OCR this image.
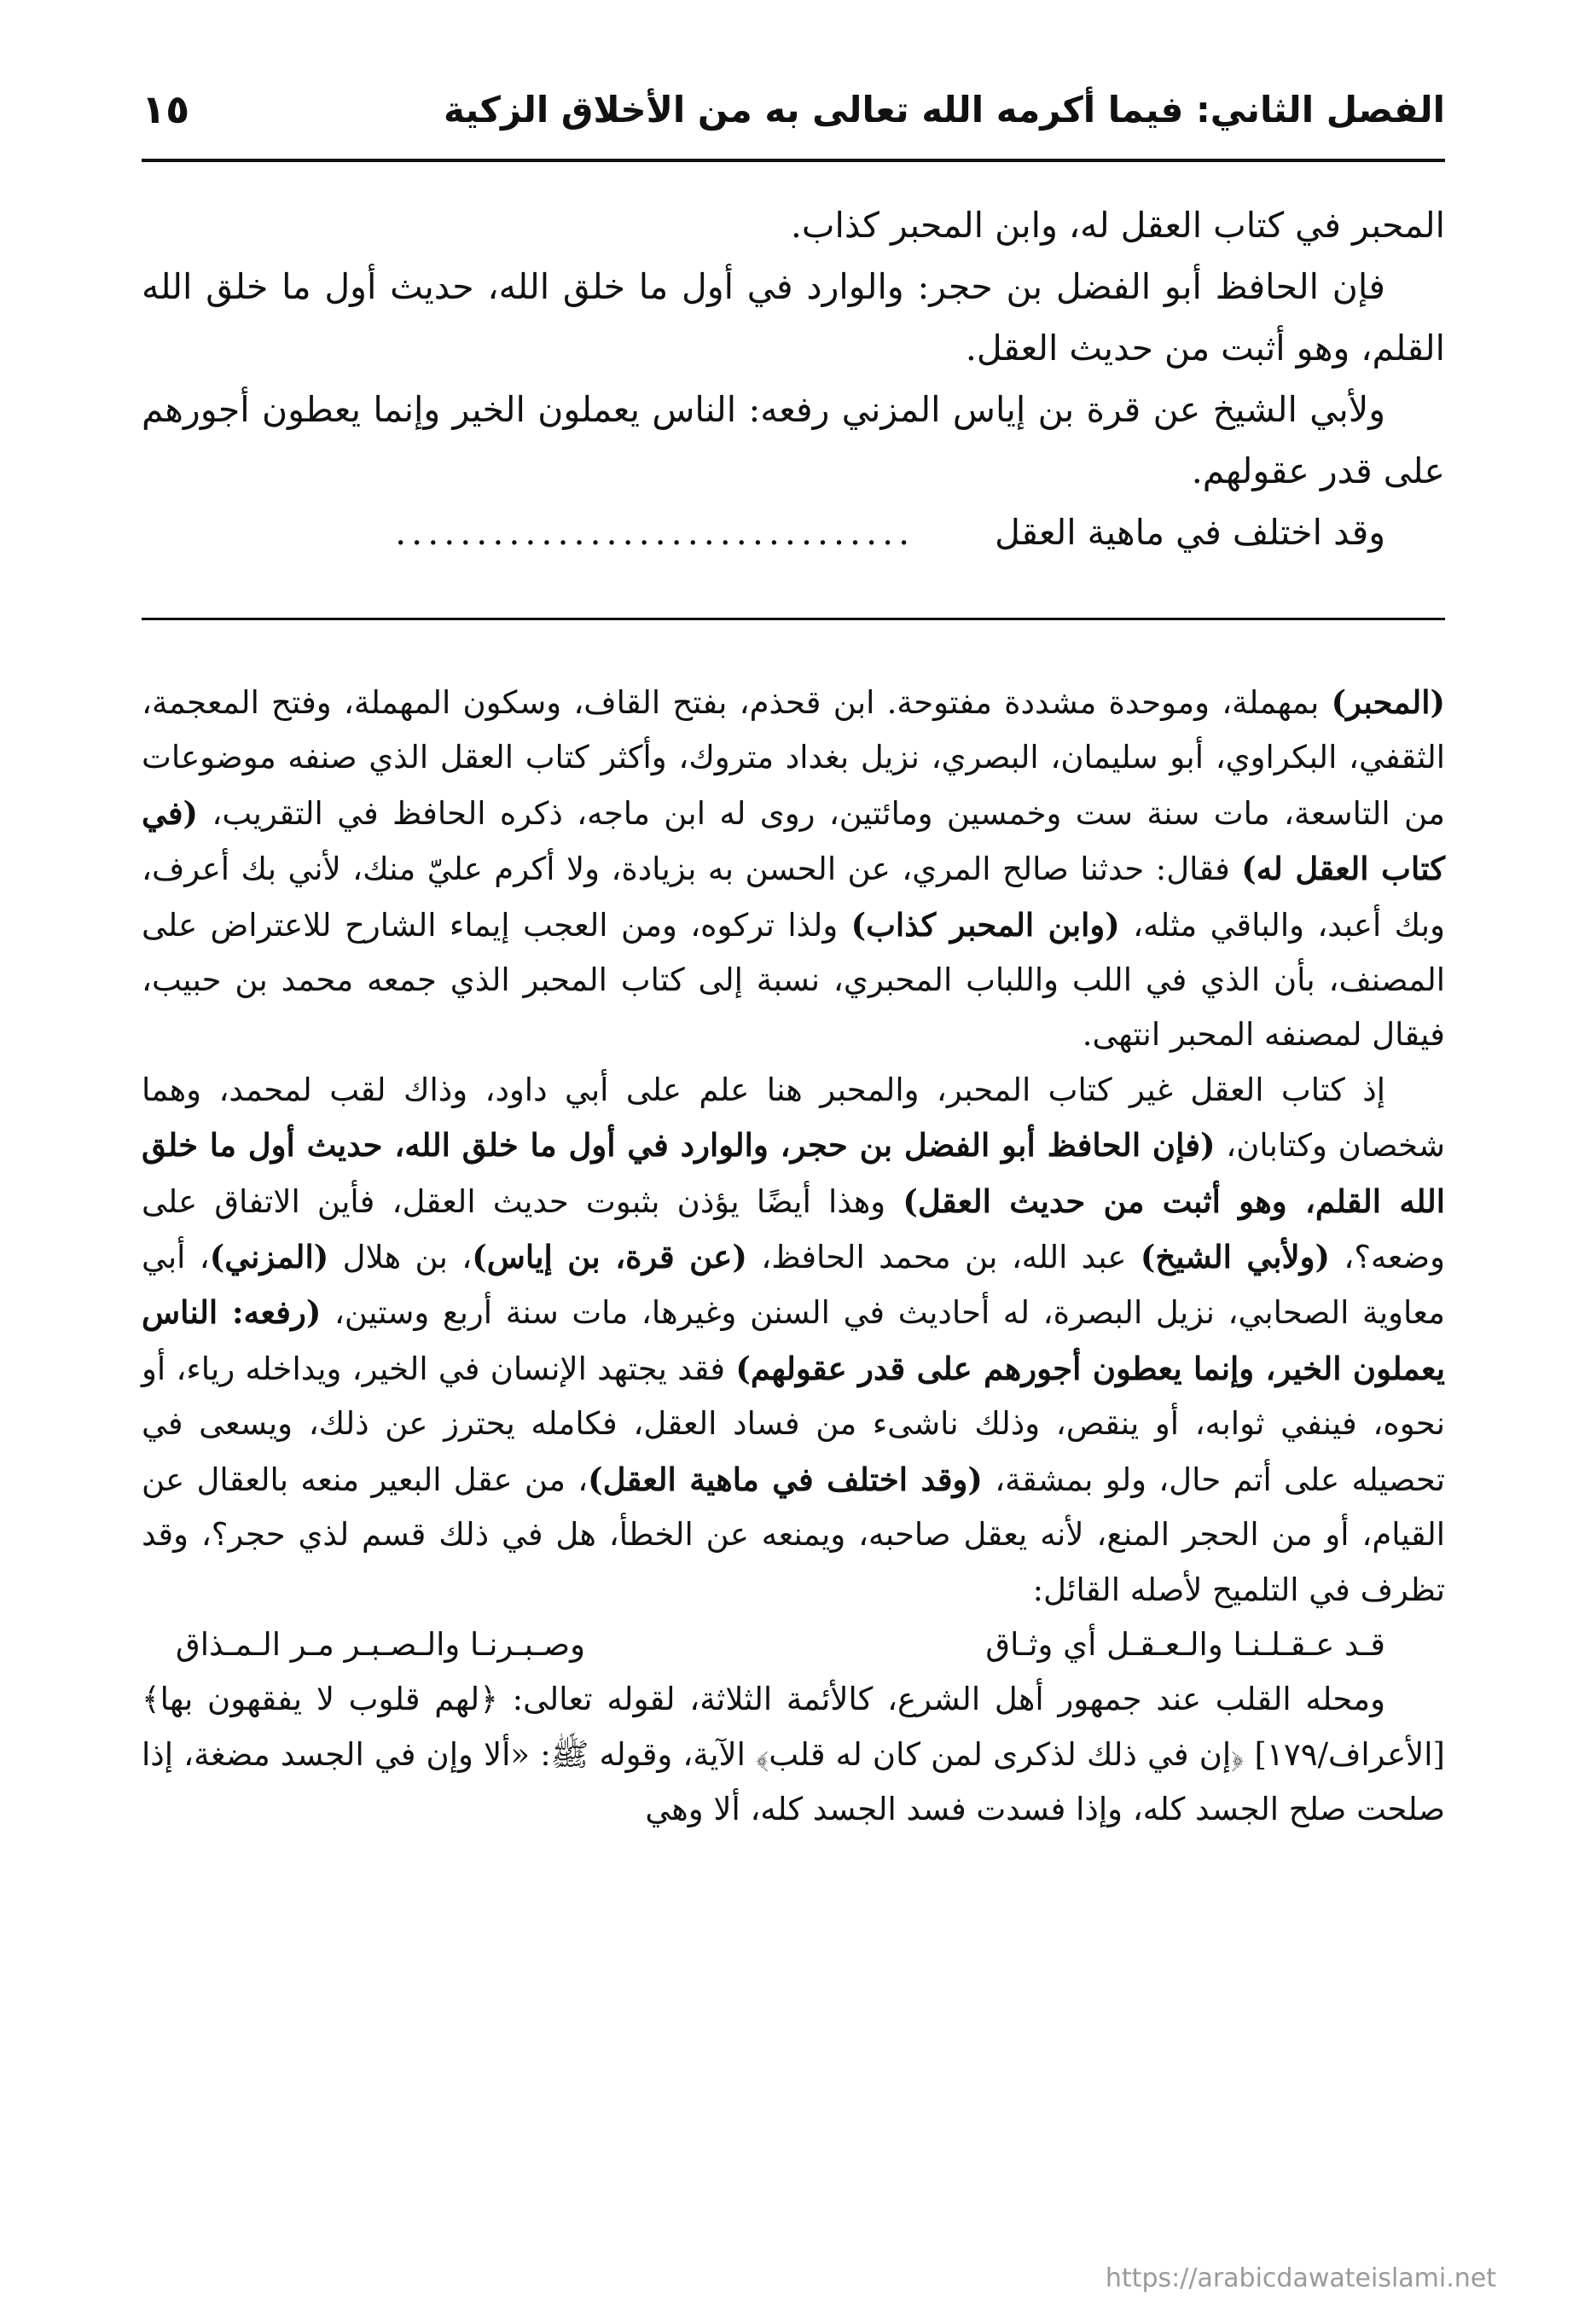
الفصل الثاني: فيما أكرمه الله تعالى به من الأخلاق الزكية
١٥

المحبر في كتاب العقل له، وابن المحبر كذاب.

فإن الحافظ أبو الفضل بن حجر: والوارد في أول ما خلق الله، حديث أول ما خلق الله القلم، وهو أثبت من حديث العقل.

ولأبي الشيخ عن قرة بن إياس المزني رفعه: الناس يعملون الخير وإنما يعطون أجورهم على قدر عقولهم.

وقد اختلف في ماهية العقل................................

(المحبر) بمهملة، وموحدة مشددة مفتوحة. ابن قحذم، بفتح القاف، وسكون المهملة، وفتح المعجمة، الثقفي، البكراوي، أبو سليمان، البصري، نزيل بغداد متروك، وأكثر كتاب العقل الذي صنفه موضوعات من التاسعة، مات سنة ست وخمسين ومائتين، روى له ابن ماجه، ذكره الحافظ في التقريب، (في كتاب العقل له) فقال: حدثنا صالح المري، عن الحسن به بزيادة، ولا أكرم عليّ منك، لأني بك أعرف، وبك أعبد، والباقي مثله، (وابن المحبر كذاب) ولذا تركوه، ومن العجب إيماء الشارح للاعتراض على المصنف، بأن الذي في اللب واللباب المحبري، نسبة إلى كتاب المحبر الذي جمعه محمد بن حبيب، فيقال لمصنفه المحبر انتهى.

إذ كتاب العقل غير كتاب المحبر، والمحبر هنا علم على أبي داود، وذاك لقب لمحمد، وهما شخصان وكتابان، (فإن الحافظ أبو الفضل بن حجر، والوارد في أول ما خلق الله، حديث أول ما خلق الله القلم، وهو أثبت من حديث العقل) وهذا أيضًا يؤذن بثبوت حديث العقل، فأين الاتفاق على وضعه؟، (ولأبي الشيخ) عبد الله، بن محمد الحافظ، (عن قرة، بن إياس)، بن هلال (المزني)، أبي معاوية الصحابي، نزيل البصرة، له أحاديث في السنن وغيرها، مات سنة أربع وستين، (رفعه: الناس يعملون الخير، وإنما يعطون أجورهم على قدر عقولهم) فقد يجتهد الإنسان في الخير، ويداخله رياء، أو نحوه، فينفي ثوابه، أو ينقص، وذلك ناشىء من فساد العقل، فكامله يحترز عن ذلك، ويسعى في تحصيله على أتم حال، ولو بمشقة، (وقد اختلف في ماهية العقل)، من عقل البعير منعه بالعقال عن القيام، أو من الحجر المنع، لأنه يعقل صاحبه، ويمنعه عن الخطأ، هل في ذلك قسم لذي حجر؟، وقد تظرف في التلميح لأصله القائل:

قـد عـقـلـنـا والـعـقـل أي وثـاق
وصـبـرنـا والـصـبـر مـر الـمـذاق

ومحله القلب عند جمهور أهل الشرع، كالأئمة الثلاثة، لقوله تعالى: ﴿لهم قلوب لا يفقهون بها﴾ [الأعراف/١٧٩] ﴿إن في ذلك لذكرى لمن كان له قلب﴾ الآية، وقوله ﷺ: «ألا وإن في الجسد مضغة، إذا صلحت صلح الجسد كله، وإذا فسدت فسد الجسد كله، ألا وهي

https://arabicdawateislami.net
